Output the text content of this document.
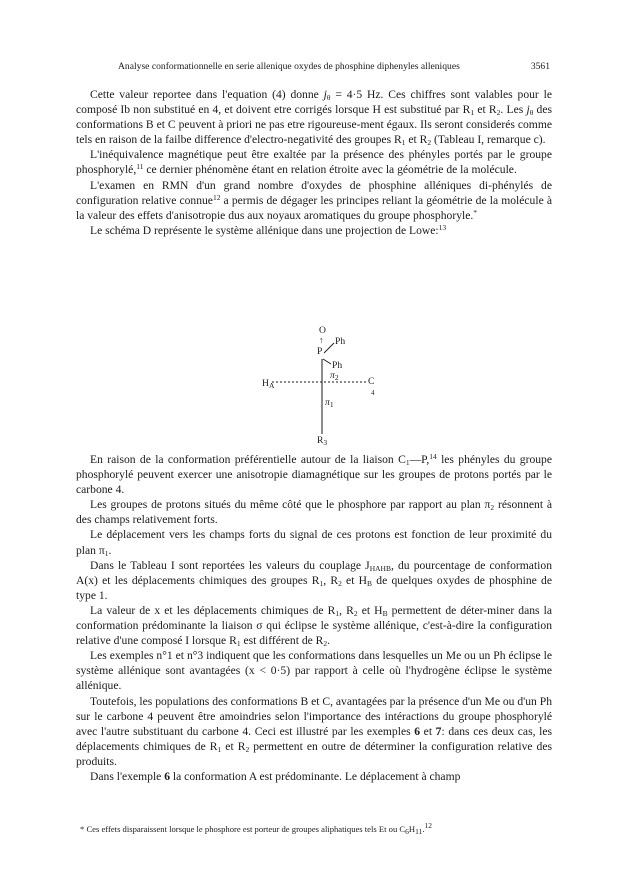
Analyse conformationnelle en serie allenique oxydes de phosphine diphenyles alleniques	3561

Cette valeur reportee dans l'equation (4) donne $j_\theta = 4\cdot 5$ Hz. Ces chiffres sont valables pour le composé Ib non substitué en 4, et doivent etre corrigés lorsque H est substitué par $R_1$ et $R_2$. Les $j_\theta$ des conformations B et C peuvent à priori ne pas etre rigoureuse-ment égaux. Ils seront considerés comme tels en raison de la failbe difference d'electro-negativité des groupes $R_1$ et $R_2$ (Tableau I, remarque c).

L'inéquivalence magnétique peut être exaltée par la présence des phényles portés par le groupe phosphorylé,$^{11}$ ce dernier phénomène étant en relation étroite avec la géométrie de la molécule.

L'examen en RMN d'un grand nombre d'oxydes de phosphine alléniques di-phénylés de configuration relative connue$^{12}$ a permis de dégager les principes reliant la géométrie de la molécule à la valeur des effets d'anisotropie dus aux noyaux aromatiques du groupe phosphoryle.*

Le schéma D représente le système allénique dans une projection de Lowe:$^{13}$

O
↑
P
Ph
Ph
$\pi_2$
$H_A$	C
4
$\pi_1$
$R_3$

En raison de la conformation préférentielle autour de la liaison $C_1—P,^{14}$ les phényles du groupe phosphorylé peuvent exercer une anisotropie diamagnétique sur les groupes de protons portés par le carbone 4.

Les groupes de protons situés du même côté que le phosphore par rapport au plan $\pi_2$ résonnent à des champs relativement forts.

Le déplacement vers les champs forts du signal de ces protons est fonction de leur proximité du plan $\pi_1$.

Dans le Tableau I sont reportées les valeurs du couplage $J_{HAHB}$, du pourcentage de conformation A(x) et les déplacements chimiques des groupes $R_1$, $R_2$ et $H_B$ de quelques oxydes de phosphine de type 1.

La valeur de x et les déplacements chimiques de $R_1$, $R_2$ et $H_B$ permettent de déter-miner dans la conformation prédominante la liaison σ qui éclipse le système allénique, c'est-à-dire la configuration relative d'une composé I lorsque $R_1$ est différent de $R_2$.

Les exemples n°1 et n°3 indiquent que les conformations dans lesquelles un Me ou un Ph éclipse le système allénique sont avantagées (x < 0·5) par rapport à celle où l'hydrogène éclipse le système allénique.

Toutefois, les populations des conformations B et C, avantagées par la présence d'un Me ou d'un Ph sur le carbone 4 peuvent être amoindries selon l'importance des intéractions du groupe phosphorylé avec l'autre substituant du carbone 4. Ceci est illustré par les exemples 6 et 7: dans ces deux cas, les déplacements chimiques de $R_1$ et $R_2$ permettent en outre de déterminer la configuration relative des produits.

Dans l'exemple 6 la conformation A est prédominante. Le déplacement à champ

* Ces effets disparaissent lorsque le phosphore est porteur de groupes aliphatiques tels Et ou $C_6H_{11}.^{12}$
